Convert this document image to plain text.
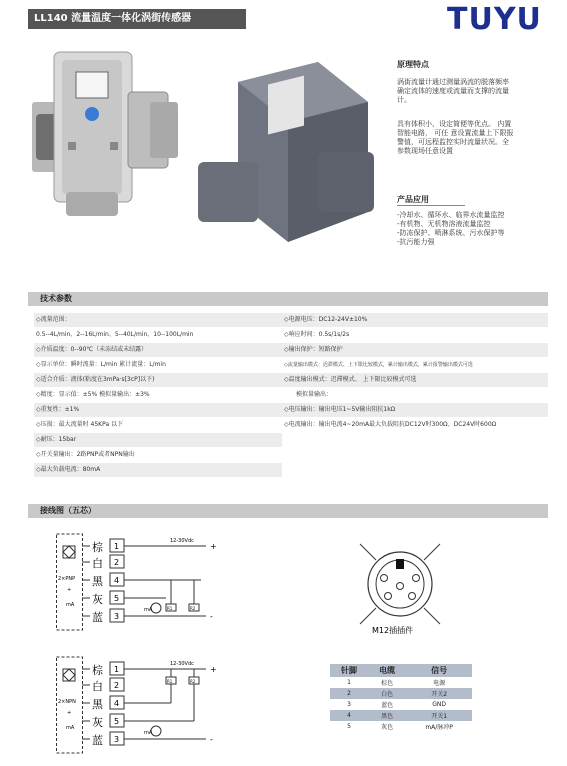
LL140 流量温度一体化涡街传感器	TUYU
原理特点
涡街流量计通过测量涡流的脱落频率
确定流体的速度或流量而支撑的流量
计。
具有体积小、设定简便等优点。 内置
智能电路， 可任 意设置流量上下限报
警值，可远程监控实时流量状况。全
参数现场任意设置
产品应用
-冷却水、循环水、临界水流量监控
-有机物、无机物溶液流量监控
-防冻保护、喷淋系统、污水保护等
-抗污能力强
技术参数
◇流量范围：	◇电源电压：DC12-24V±10%
0.5--4L/min、2--16L/min、5--40L/min、10--100L/min	◇响应时间：0.5s/1s/2s
◇介质温度：0--90℃（未冻结或未结露）	◇输出保护：短路保护
◇显示单位：瞬时流量：L/min 累计流量：L/min	◇流量输出模式：迟滞模式、上下限比较模式，累计输出模式，累计报警输出模式可选
◇适合介质：液体(粘度在3mPa·s[3cP]以下)	◇温度输出模式：迟滞模式、 上下限比较模式可选
◇精度：显示值：±5% 模拟量输出：±3%	模拟量输出：
◇重复性：±1%	◇电压输出：输出电压1~5V输出阻抗1kΩ
◇压损：最大流量时 45KPa 以下	◇电流输出：输出电流4~20mA最大负载阻抗DC12V时300Ω、DC24V时600Ω
◇耐压：15bar
◇开关量输出：2路PNP或者NPN输出
◇最大负载电流：80mA
接线图（五芯）
2×PNP
+
mA
棕
白
黑
灰
蓝
1
2
4
5
3
12-30Vdc
+
-
mA	R1	R2
2×NPN
+
mA
棕
白
黑
灰
蓝
1
2
4
5
3
12-30Vdc
+
R1	R2
-
mA
M12插插件
针脚	电缆	信号
1	棕色	电源
2	白色	开关2
3	蓝色	GND
4	黑色	开关1
5	灰色	mA/脉冲P
